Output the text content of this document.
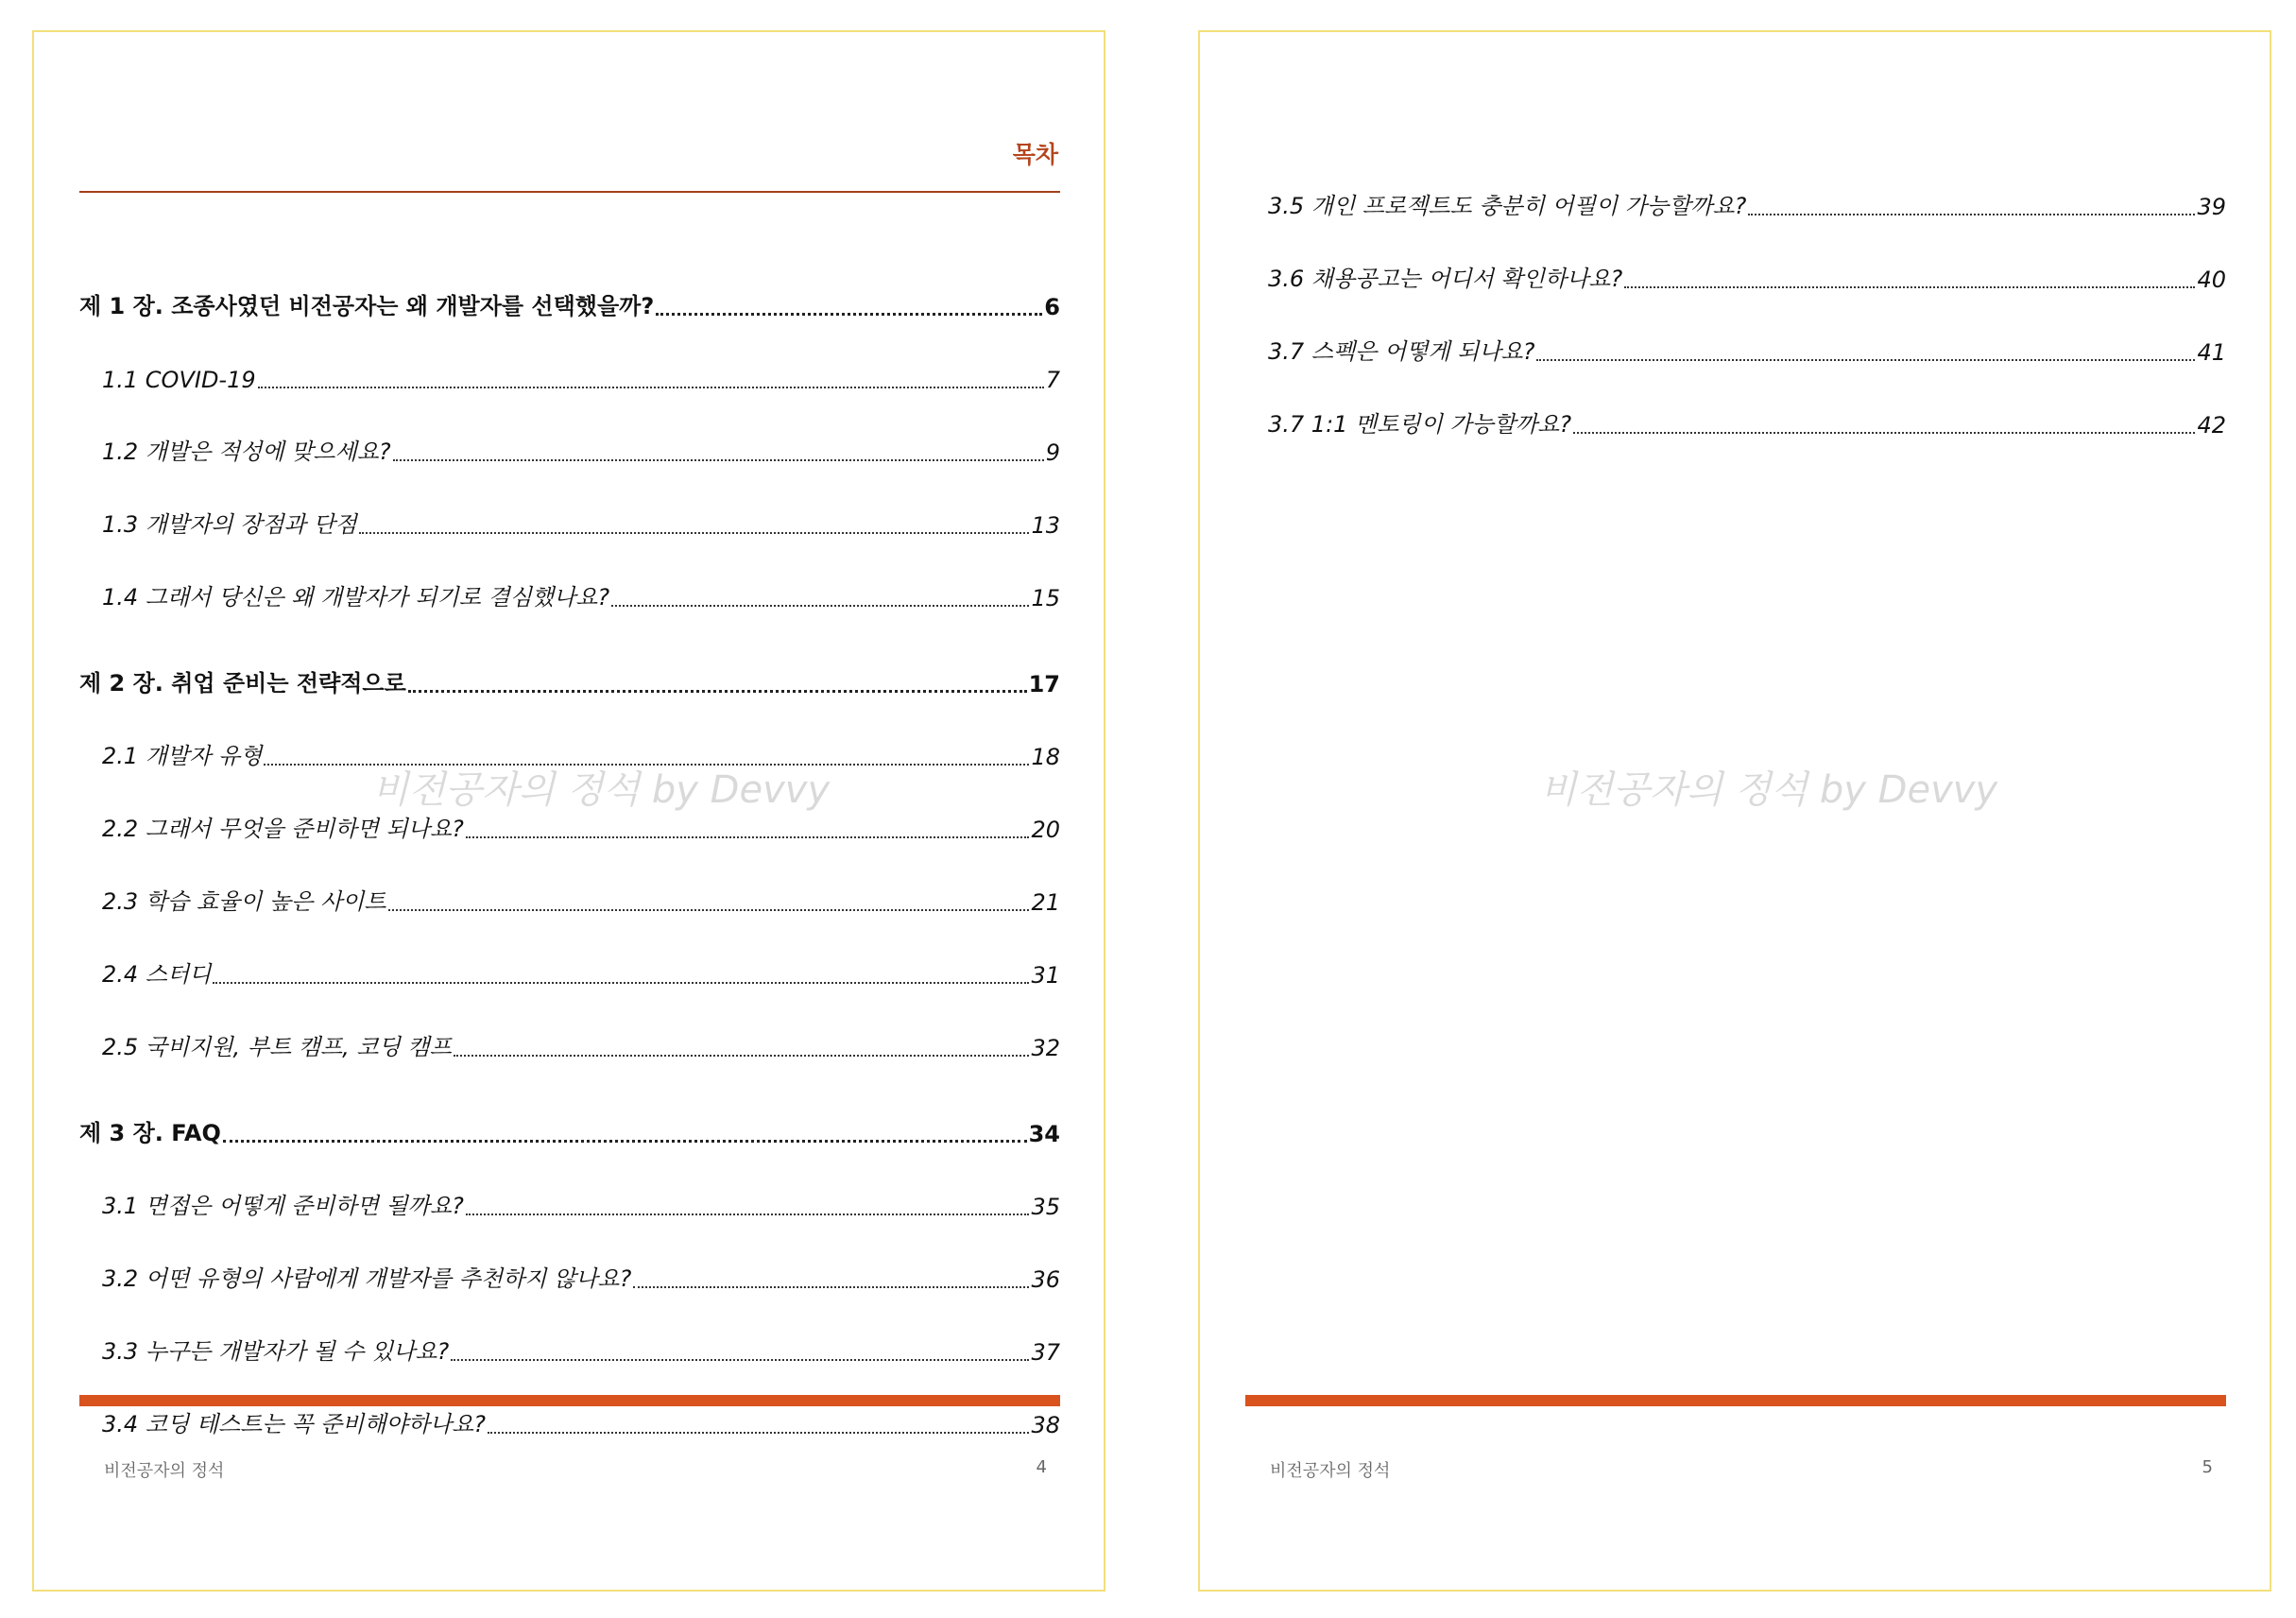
목차
제 1 장. 조종사였던 비전공자는 왜 개발자를 선택했을까?	6
1.1 COVID-19	7
1.2 개발은 적성에 맞으세요?	9
1.3 개발자의 장점과 단점	13
1.4 그래서 당신은 왜 개발자가 되기로 결심했나요?	15
제 2 장. 취업 준비는 전략적으로	17
2.1 개발자 유형	18
2.2 그래서 무엇을 준비하면 되나요?	20
2.3 학습 효율이 높은 사이트	21
2.4 스터디	31
2.5 국비지원, 부트 캠프, 코딩 캠프	32
제 3 장. FAQ	34
3.1 면접은 어떻게 준비하면 될까요?	35
3.2 어떤 유형의 사람에게 개발자를 추천하지 않나요?	36
3.3 누구든 개발자가 될 수 있나요?	37
3.4 코딩 테스트는 꼭 준비해야하나요?	38
비전공자의 정석 by Devvy
비전공자의 정석	4
3.5 개인 프로젝트도 충분히 어필이 가능할까요?	39
3.6 채용공고는 어디서 확인하나요?	40
3.7 스펙은 어떻게 되나요?	41
3.7 1:1 멘토링이 가능할까요?	42
비전공자의 정석 by Devvy
비전공자의 정석	5
